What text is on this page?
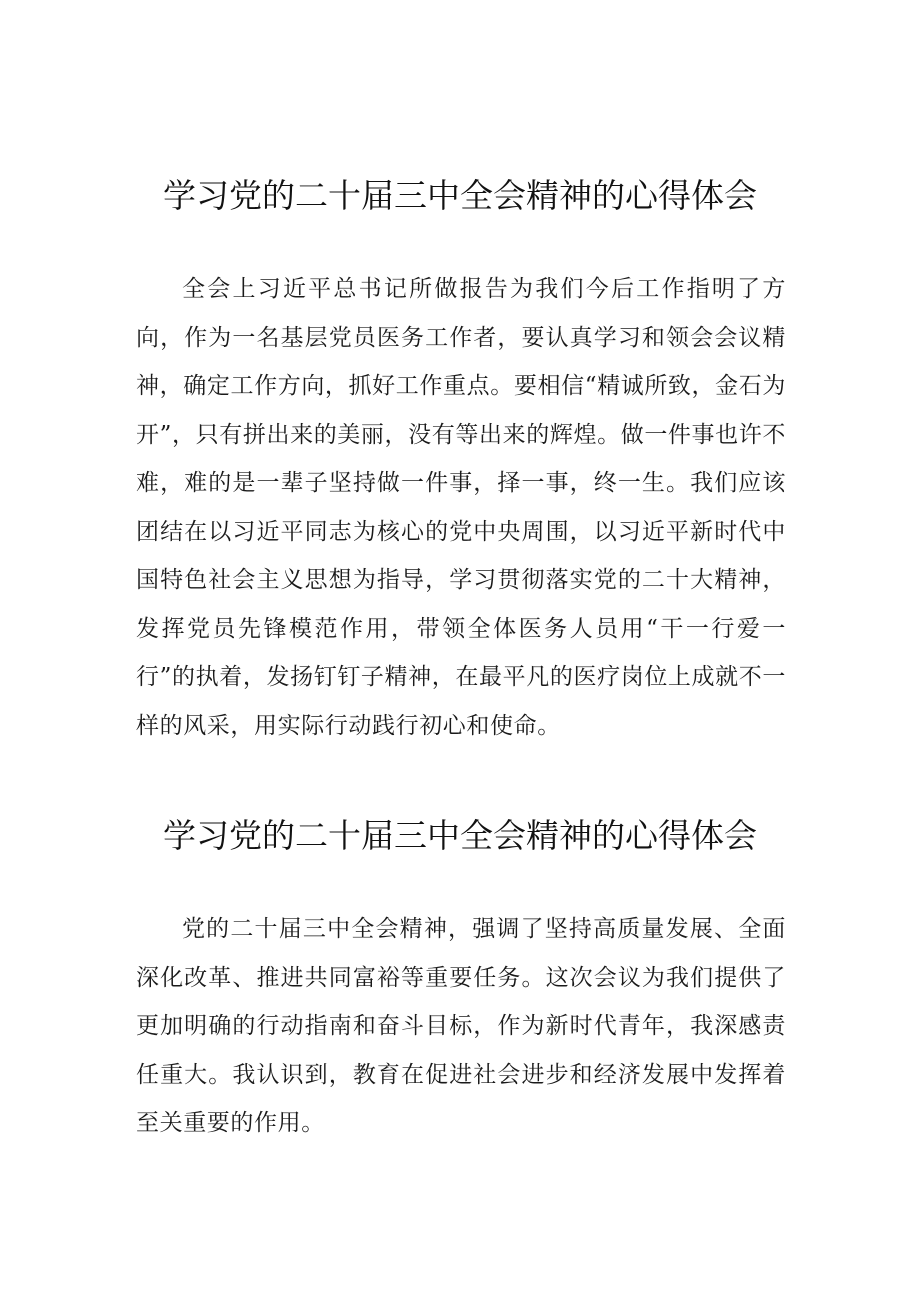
学习党的二十届三中全会精神的心得体会

全会上习近平总书记所做报告为我们今后工作指明了方向，作为一名基层党员医务工作者，要认真学习和领会会议精神，确定工作方向，抓好工作重点。要相信“精诚所致，金石为开”，只有拼出来的美丽，没有等出来的辉煌。做一件事也许不难，难的是一辈子坚持做一件事，择一事，终一生。我们应该团结在以习近平同志为核心的党中央周围，以习近平新时代中国特色社会主义思想为指导，学习贯彻落实党的二十大精神，发挥党员先锋模范作用，带领全体医务人员用“干一行爱一行”的执着，发扬钉钉子精神，在最平凡的医疗岗位上成就不一样的风采，用实际行动践行初心和使命。

学习党的二十届三中全会精神的心得体会

党的二十届三中全会精神，强调了坚持高质量发展、全面深化改革、推进共同富裕等重要任务。这次会议为我们提供了更加明确的行动指南和奋斗目标，作为新时代青年，我深感责任重大。我认识到，教育在促进社会进步和经济发展中发挥着至关重要的作用。
